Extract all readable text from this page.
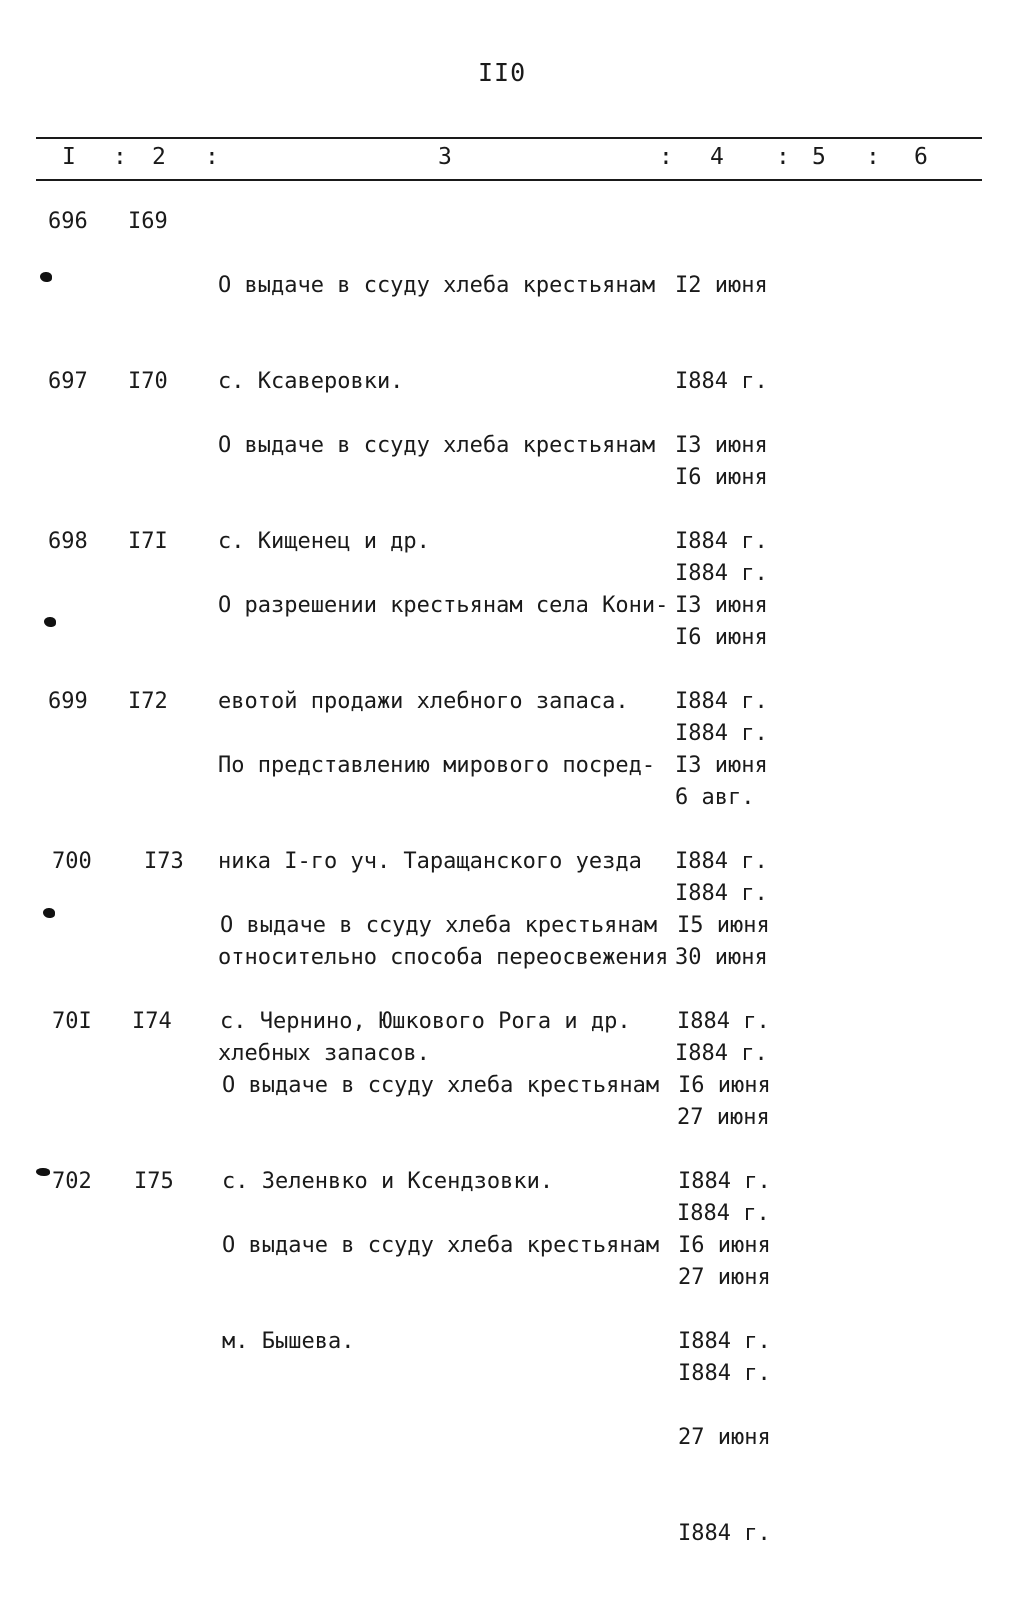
II0
I : 2 :	3	: 4 : 5 : 6
696 I69

О выдаче в ссуду хлеба крестьянам

с. Ксаверовки.

I2 июня

I884 г.

I6 июня

I884 г.

697 I70

О выдаче в ссуду хлеба крестьянам

с. Кищенец и др.

I3 июня

I884 г.

I6 июня

I884 г.

698 I7I

О разрешении крестьянам села Кони-

евотой продажи хлебного запаса.

I3 июня

I884 г.

6 авг.

I884 г.

699 I72

По представлению мирового посред-

ника I-го уч. Таращанского уезда

относительно способа переосвежения

хлебных запасов.

I3 июня

I884 г.

30 июня

I884 г.

700 I73

О выдаче в ссуду хлеба крестьянам

с. Чернино, Юшкового Рога и др.

I5 июня

I884 г.

27 июня

I884 г.

70I I74

О выдаче в ссуду хлеба крестьянам

с. Зеленвко и Ксендзовки.

I6 июня

I884 г.

27 июня

I884 г.

702 I75

О выдаче в ссуду хлеба крестьянам

м. Бышева.

I6 июня

I884 г.

27 июня

I884 г.
